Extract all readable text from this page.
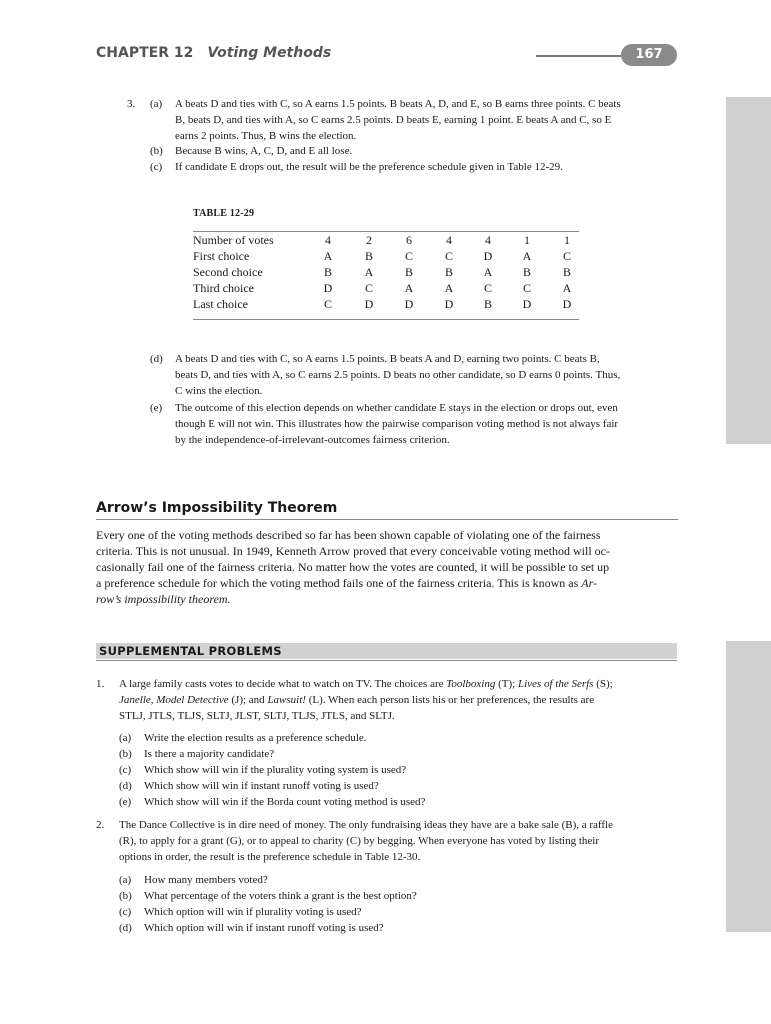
CHAPTER 12 Voting Methods	167
3. (a) A beats D and ties with C, so A earns 1.5 points. B beats A, D, and E, so B earns three points. C beats
B, beats D, and ties with A, so C earns 2.5 points. D beats E, earning 1 point. E beats A and C, so E
earns 2 points. Thus, B wins the election.
(b) Because B wins, A, C, D, and E all lose.
(c) If candidate E drops out, the result will be the preference schedule given in Table 12-29.
TABLE 12-29
Number of votes	4	2	6	4	4	1	1
First choice	A	B	C	C	D	A	C
Second choice	B	A	B	B	A	B	B
Third choice	D	C	A	A	C	C	A
Last choice	C	D	D	D	B	D	D
(d) A beats D and ties with C, so A earns 1.5 points. B beats A and D, earning two points. C beats B,
beats D, and ties with A, so C earns 2.5 points. D beats no other candidate, so D earns 0 points. Thus,
C wins the election.
(e) The outcome of this election depends on whether candidate E stays in the election or drops out, even
though E will not win. This illustrates how the pairwise comparison voting method is not always fair
by the independence-of-irrelevant-outcomes fairness criterion.
Arrow’s Impossibility Theorem
Every one of the voting methods described so far has been shown capable of violating one of the fairness
criteria. This is not unusual. In 1949, Kenneth Arrow proved that every conceivable voting method will oc-
casionally fail one of the fairness criteria. No matter how the votes are counted, it will be possible to set up
a preference schedule for which the voting method fails one of the fairness criteria. This is known as Ar-
row’s impossibility theorem.
SUPPLEMENTAL PROBLEMS
1. A large family casts votes to decide what to watch on TV. The choices are Toolboxing (T); Lives of the Serfs (S);
Janelle, Model Detective (J); and Lawsuit! (L). When each person lists his or her preferences, the results are
STLJ, JTLS, TLJS, SLTJ, JLST, SLTJ, TLJS, JTLS, and SLTJ.
(a) Write the election results as a preference schedule.
(b) Is there a majority candidate?
(c) Which show will win if the plurality voting system is used?
(d) Which show will win if instant runoff voting is used?
(e) Which show will win if the Borda count voting method is used?
2. The Dance Collective is in dire need of money. The only fundraising ideas they have are a bake sale (B), a raffle
(R), to apply for a grant (G), or to appeal to charity (C) by begging. When everyone has voted by listing their
options in order, the result is the preference schedule in Table 12-30.
(a) How many members voted?
(b) What percentage of the voters think a grant is the best option?
(c) Which option will win if plurality voting is used?
(d) Which option will win if instant runoff voting is used?
